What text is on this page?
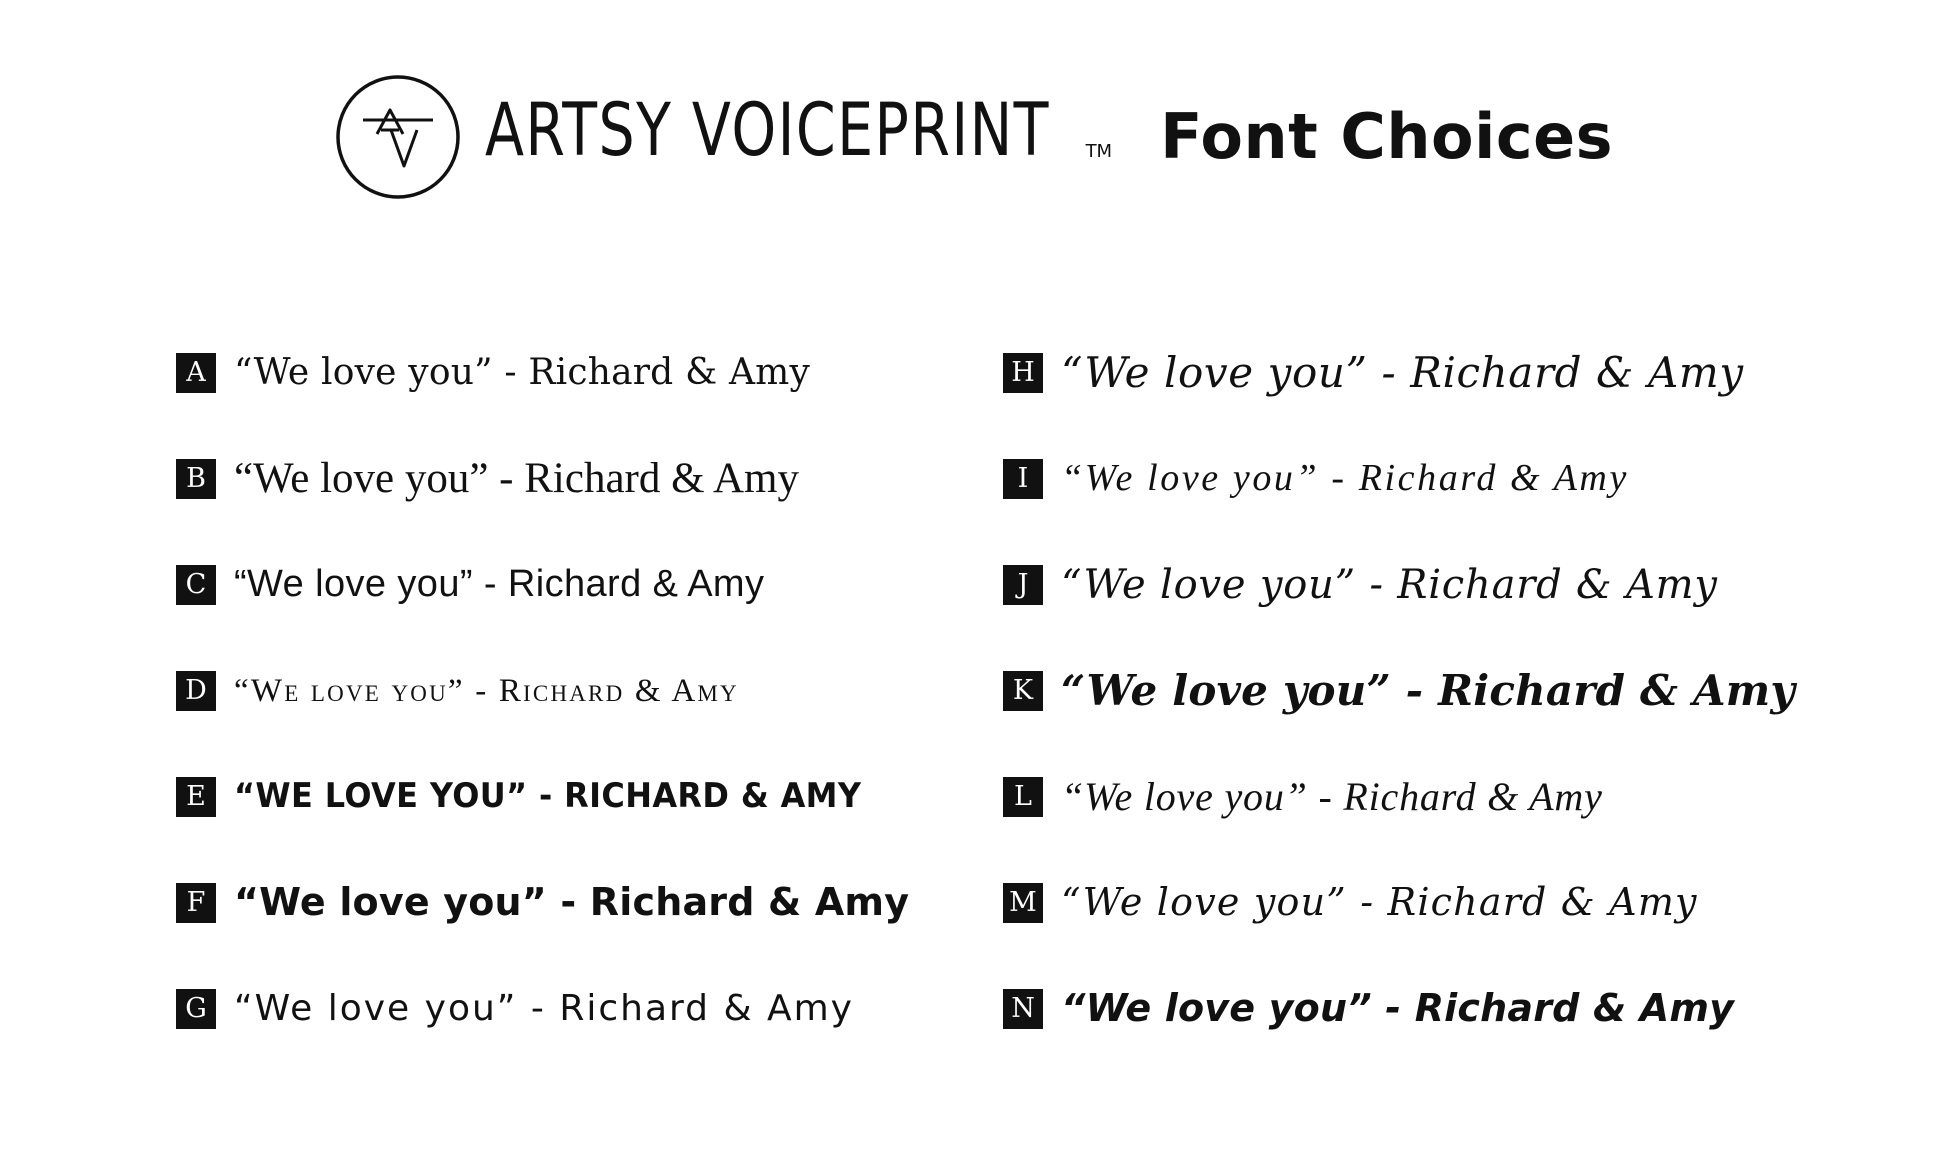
ARTSY VOICEPRINT TM Font Choices
A “We love you” - Richard & Amy
B “We love you” - Richard & Amy
C “We love you” - Richard & Amy
D “We love you” - Richard & Amy
E “WE LOVE YOU” - RICHARD & AMY
F “We love you” - Richard & Amy
G “We love you” - Richard & Amy
H “We love you” - Richard & Amy
I “We love you” - Richard & Amy
J “We love you” - Richard & Amy
K “We love you” - Richard & Amy
L “We love you” - Richard & Amy
M “We love you” - Richard & Amy
N “We love you” - Richard & Amy
